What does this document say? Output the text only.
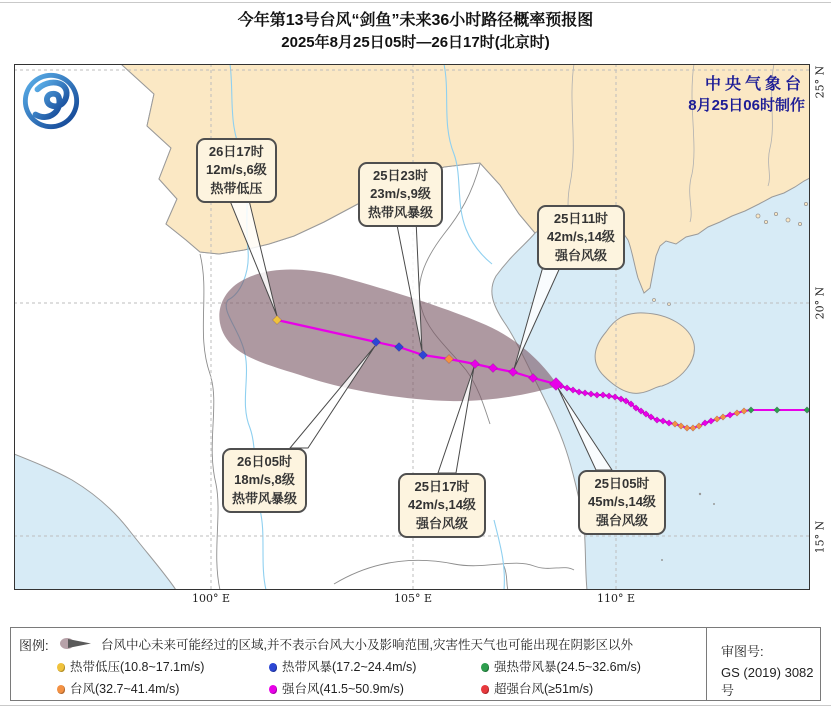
今年第13号台风“剑鱼”未来36小时路径概率预报图
2025年8月25日05时—26日17时(北京时)
中央气象台
8月25日06时制作
26日17时
12m/s,6级
热带低压
25日23时
23m/s,9级
热带风暴级	25日11时
42m/s,14级
强台风级
26日05时
18m/s,8级
热带风暴级
25日17时
42m/s,14级
强台风级
25日05时
45m/s,14级
强台风级
100° E	105° E	110° E
25° N
20° N
15° N
图例:	台风中心未来可能经过的区域,并不表示台风大小及影响范围,灾害性天气也可能出现在阴影区以外
热带低压(10.8~17.1m/s)	热带风暴(17.2~24.4m/s)	强热带风暴(24.5~32.6m/s)
台风(32.7~41.4m/s)	强台风(41.5~50.9m/s)	超强台风(≥51m/s)
审图号:
GS (2019) 3082号
